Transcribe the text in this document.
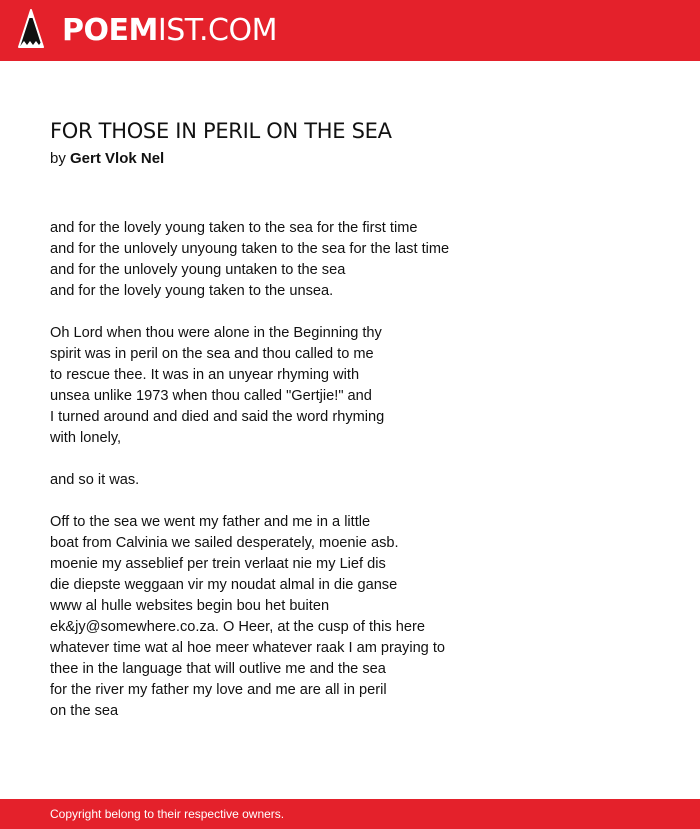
POEMIST.COM
FOR THOSE IN PERIL ON THE SEA
by Gert Vlok Nel
and for the lovely young taken to the sea for the first time
and for the unlovely unyoung taken to the sea for the last time
and for the unlovely young untaken to the sea
and for the lovely young taken to the unsea.
Oh Lord when thou were alone in the Beginning thy
spirit was in peril on the sea and thou called to me
to rescue thee. It was in an unyear rhyming with
unsea unlike 1973 when thou called "Gertjie!" and
I turned around and died and said the word rhyming
with lonely,
and so it was.
Off to the sea we went my father and me in a little
boat from Calvinia we sailed desperately, moenie asb.
moenie my asseblief per trein verlaat nie my Lief dis
die diepste weggaan vir my noudat almal in die ganse
www al hulle websites begin bou het buiten
ek&jy@somewhere.co.za. O Heer, at the cusp of this here
whatever time wat al hoe meer whatever raak I am praying to
thee in the language that will outlive me and the sea
for the river my father my love and me are all in peril
on the sea
Copyright belong to their respective owners.
